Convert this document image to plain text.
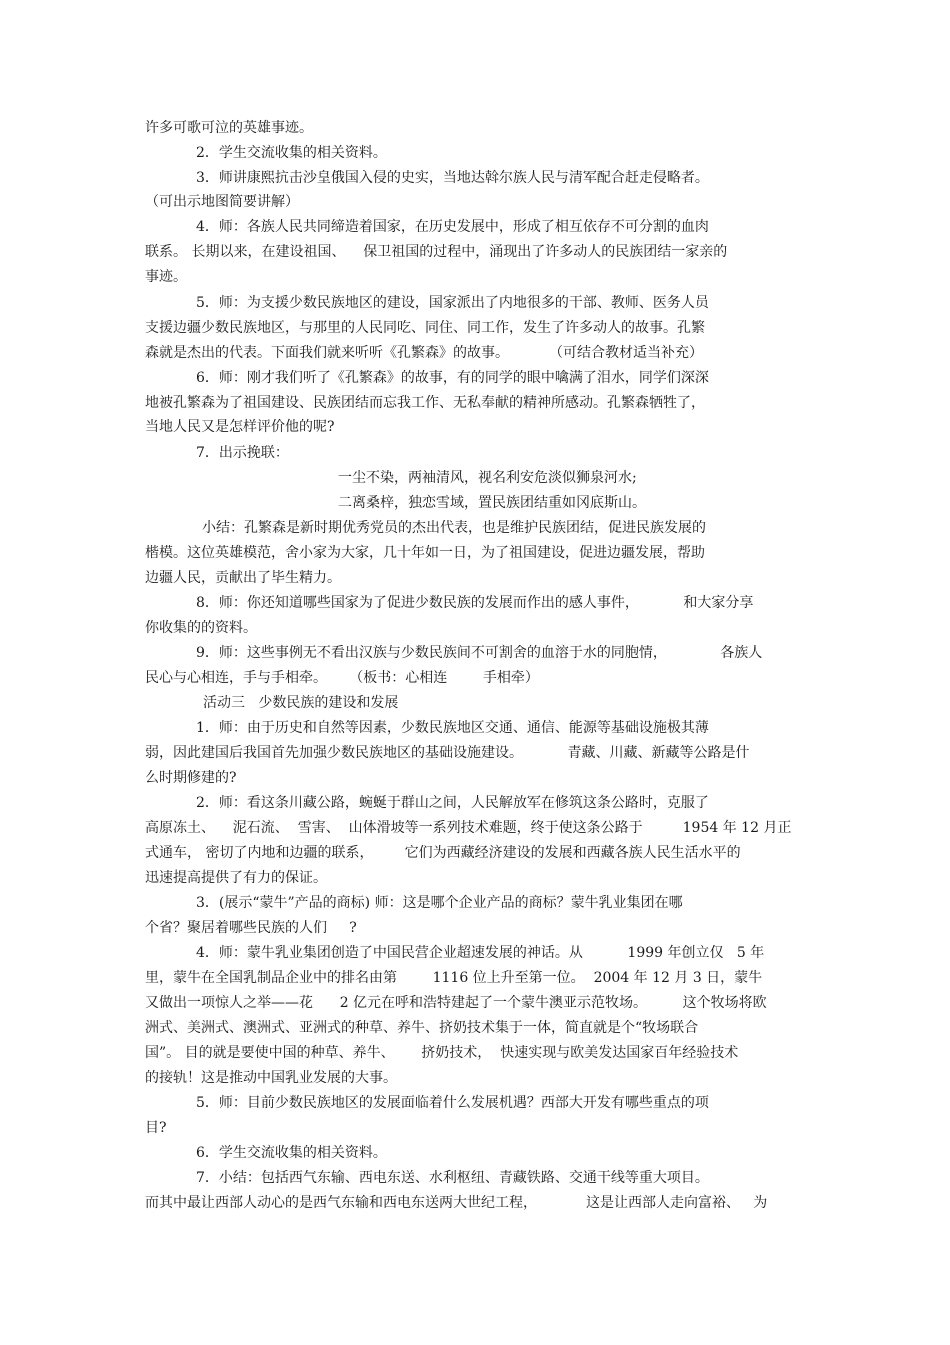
许多可歌可泣的英雄事迹。
2．学生交流收集的相关资料。
3．师讲康熙抗击沙皇俄国入侵的史实，当地达斡尔族人民与清军配合赶走侵略者。
（可出示地图简要讲解）
4．师：各族人民共同缔造着国家，在历史发展中，形成了相互依存不可分割的血肉
联系。 长期以来，在建设祖国、    保卫祖国的过程中，涌现出了许多动人的民族团结一家亲的
事迹。
5．师：为支援少数民族地区的建设，国家派出了内地很多的干部、教师、医务人员
支援边疆少数民族地区，与那里的人民同吃、同住、同工作，发生了许多动人的故事。孔繁
森就是杰出的代表。下面我们就来听听《孔繁森》的故事。         （可结合教材适当补充）
6．师：刚才我们听了《孔繁森》的故事，有的同学的眼中噙满了泪水，同学们深深
地被孔繁森为了祖国建设、民族团结而忘我工作、无私奉献的精神所感动。孔繁森牺牲了，
当地人民又是怎样评价他的呢?
7．出示挽联：
一尘不染，两袖清风，视名利安危淡似狮泉河水;
二离桑梓，独恋雪域，置民族团结重如冈底斯山。
小结：孔繁森是新时期优秀党员的杰出代表，也是维护民族团结，促进民族发展的
楷模。这位英雄模范，舍小家为大家，几十年如一日，为了祖国建设，促进边疆发展，帮助
边疆人民，贡献出了毕生精力。
8．师：你还知道哪些国家为了促进少数民族的发展而作出的感人事件，          和大家分享
你收集的的资料。
9．师：这些事例无不看出汉族与少数民族间不可割舍的血溶于水的同胞情，            各族人
民心与心相连，手与手相牵。     （板书：心相连        手相牵）
活动三   少数民族的建设和发展
1．师：由于历史和自然等因素，少数民族地区交通、通信、能源等基础设施极其薄
弱，因此建国后我国首先加强少数民族地区的基础设施建设。          青藏、川藏、新藏等公路是什
么时期修建的?
2．师：看这条川藏公路，蜿蜒于群山之间，人民解放军在修筑这条公路时，克服了
高原冻土、    泥石流、  雪害、  山体滑坡等一系列技术难题，终于使这条公路于         1954 年 12 月正
式通车， 密切了内地和边疆的联系，       它们为西藏经济建设的发展和西藏各族人民生活水平的
迅速提高提供了有力的保证。
3．(展示“蒙牛”产品的商标) 师：这是哪个企业产品的商标？蒙牛乳业集团在哪
个省？聚居着哪些民族的人们     ?
4．师：蒙牛乳业集团创造了中国民营企业超速发展的神话。从          1999 年创立仅   5 年
里，蒙牛在全国乳制品企业中的排名由第        1116 位上升至第一位。  2004 年 12 月 3 日，蒙牛
又做出一项惊人之举——花      2 亿元在呼和浩特建起了一个蒙牛澳亚示范牧场。        这个牧场将欧
洲式、美洲式、澳洲式、亚洲式的种草、养牛、挤奶技术集于一体，简直就是个“牧场联合
国”。 目的就是要使中国的种草、养牛、      挤奶技术，  快速实现与欧美发达国家百年经验技术
的接轨！这是推动中国乳业发展的大事。
5．师：目前少数民族地区的发展面临着什么发展机遇？西部大开发有哪些重点的项
目?
6．学生交流收集的相关资料。
7．小结：包括西气东输、西电东送、水利枢纽、青藏铁路、交通干线等重大项目。
而其中最让西部人动心的是西气东输和西电东送两大世纪工程，           这是让西部人走向富裕、   为
